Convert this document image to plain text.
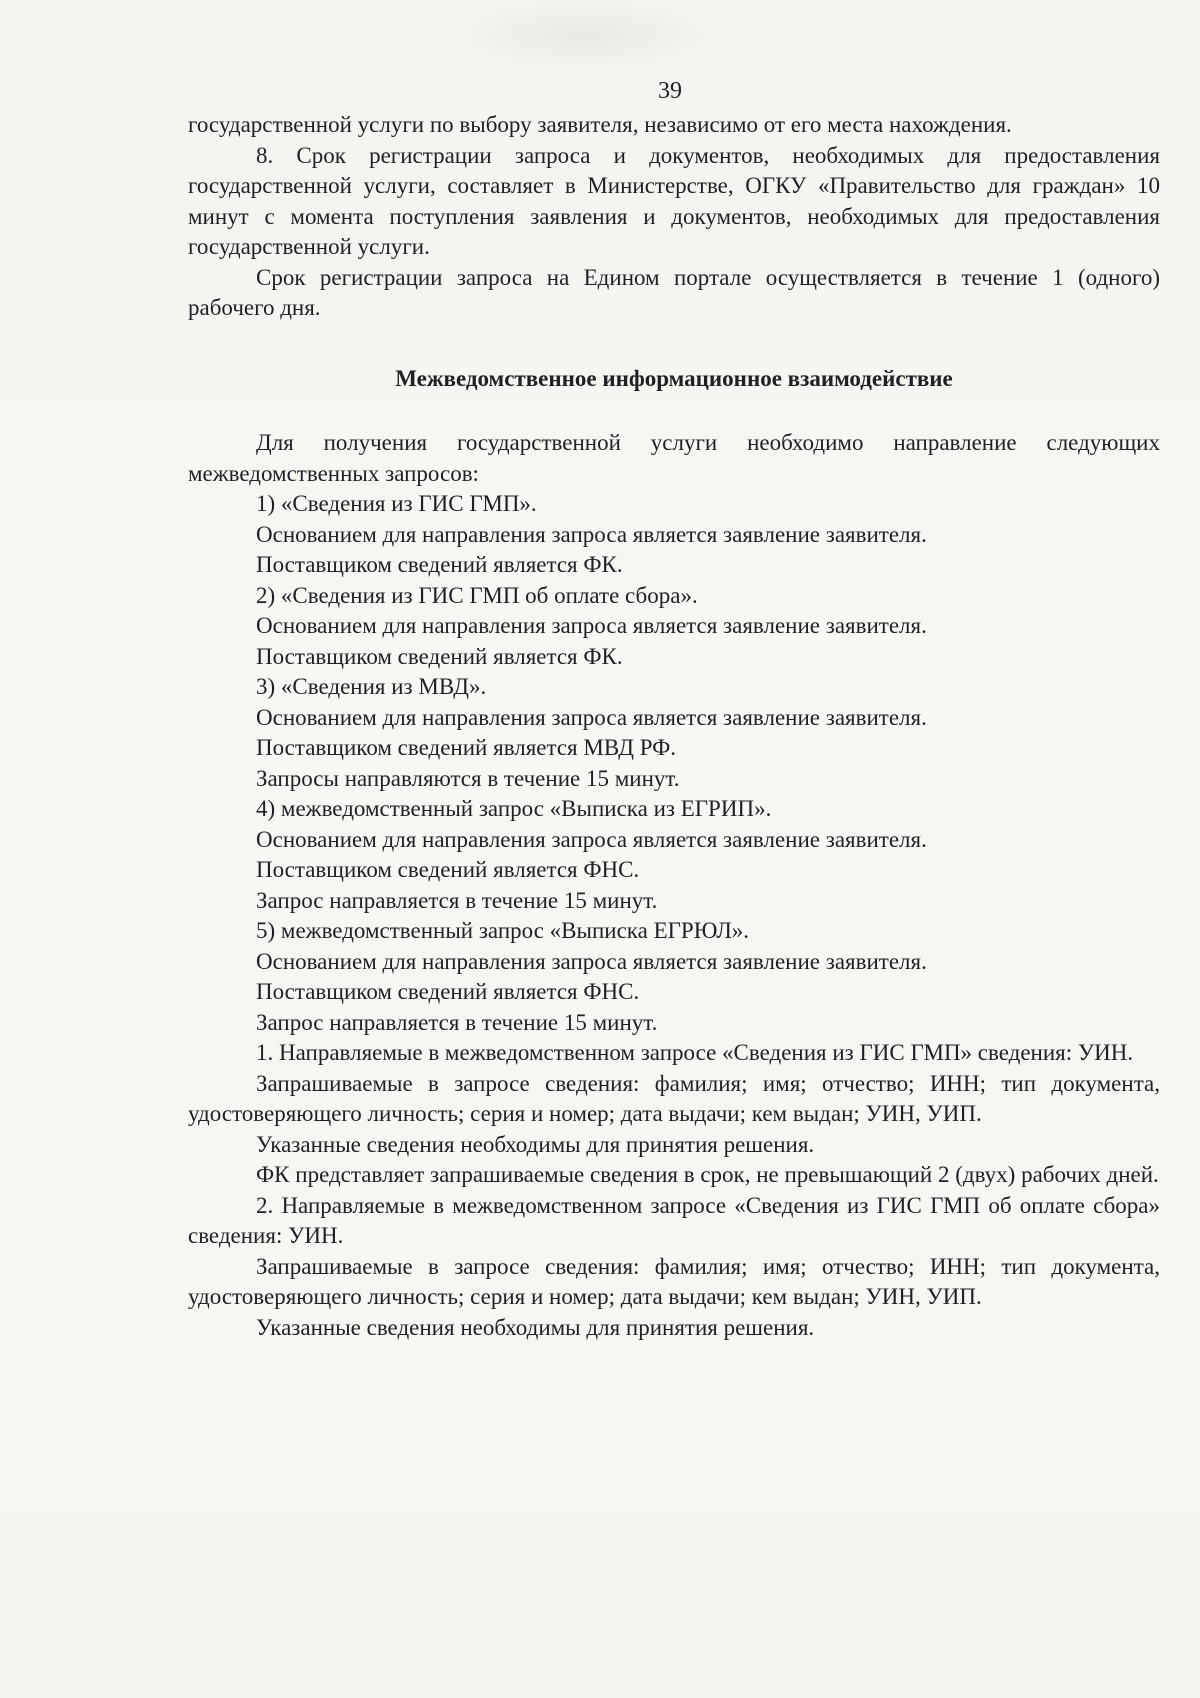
39

государственной услуги по выбору заявителя, независимо от его места нахождения.

8. Срок регистрации запроса и документов, необходимых для предоставления государственной услуги, составляет в Министерстве, ОГКУ «Правительство для граждан» 10 минут с момента поступления заявления и документов, необходимых для предоставления государственной услуги.

Срок регистрации запроса на Едином портале осуществляется в течение 1 (одного) рабочего дня.

Межведомственное информационное взаимодействие

Для получения государственной услуги необходимо направление следующих межведомственных запросов:

1) «Сведения из ГИС ГМП».

Основанием для направления запроса является заявление заявителя.

Поставщиком сведений является ФК.

2) «Сведения из ГИС ГМП об оплате сбора».

Основанием для направления запроса является заявление заявителя.

Поставщиком сведений является ФК.

3) «Сведения из МВД».

Основанием для направления запроса является заявление заявителя.

Поставщиком сведений является МВД РФ.

Запросы направляются в течение 15 минут.

4) межведомственный запрос «Выписка из ЕГРИП».

Основанием для направления запроса является заявление заявителя.

Поставщиком сведений является ФНС.

Запрос направляется в течение 15 минут.

5) межведомственный запрос «Выписка ЕГРЮЛ».

Основанием для направления запроса является заявление заявителя.

Поставщиком сведений является ФНС.

Запрос направляется в течение 15 минут.

1. Направляемые в межведомственном запросе «Сведения из ГИС ГМП» сведения: УИН.

Запрашиваемые в запросе сведения: фамилия; имя; отчество; ИНН; тип документа, удостоверяющего личность; серия и номер; дата выдачи; кем выдан; УИН, УИП.

Указанные сведения необходимы для принятия решения.

ФК представляет запрашиваемые сведения в срок, не превышающий 2 (двух) рабочих дней.

2. Направляемые в межведомственном запросе «Сведения из ГИС ГМП об оплате сбора» сведения: УИН.

Запрашиваемые в запросе сведения: фамилия; имя; отчество; ИНН; тип документа, удостоверяющего личность; серия и номер; дата выдачи; кем выдан; УИН, УИП.

Указанные сведения необходимы для принятия решения.
